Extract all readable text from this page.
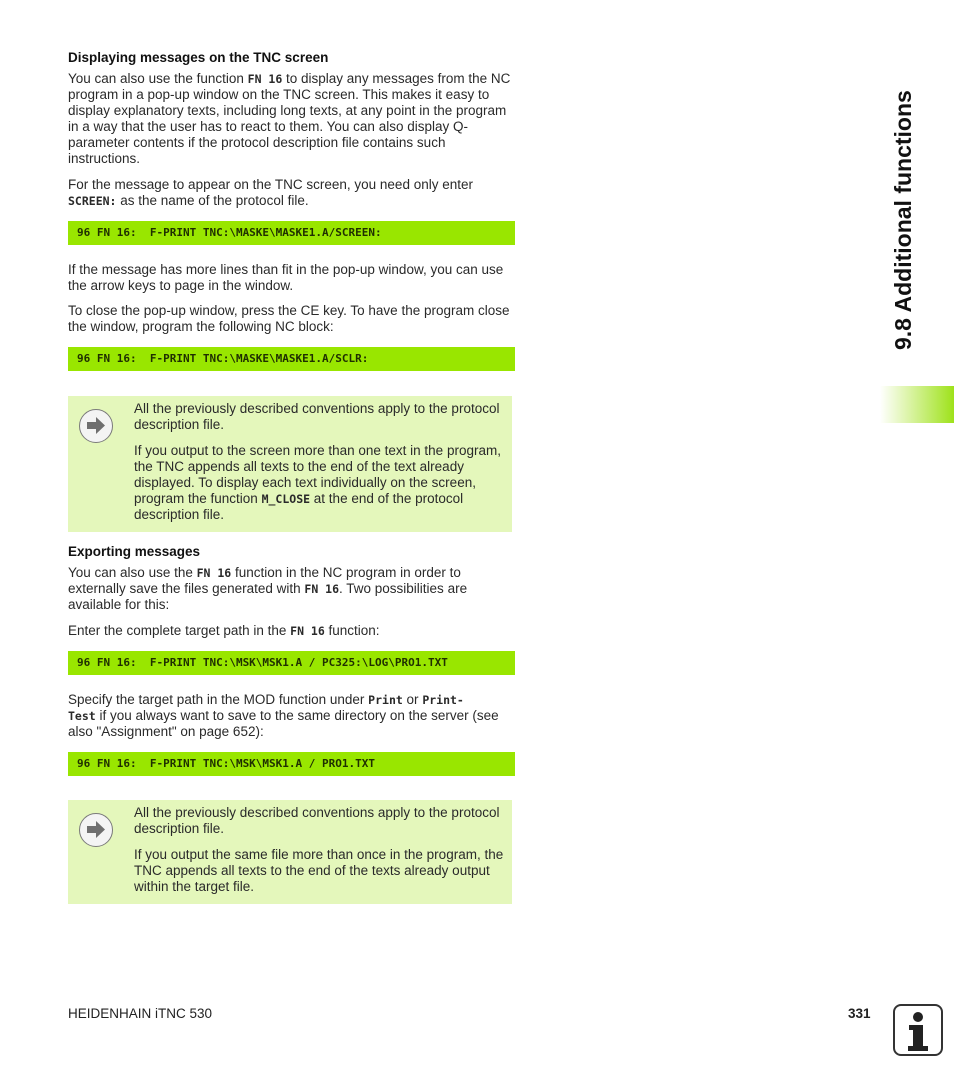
9.8 Additional functions
Displaying messages on the TNC screen
You can also use the function FN 16 to display any messages from the NC program in a pop-up window on the TNC screen. This makes it easy to display explanatory texts, including long texts, at any point in the program in a way that the user has to react to them. You can also display Q-parameter contents if the protocol description file contains such instructions.
For the message to appear on the TNC screen, you need only enter SCREEN: as the name of the protocol file.
96 FN 16:  F-PRINT TNC:\MASKE\MASKE1.A/SCREEN:
If the message has more lines than fit in the pop-up window, you can use the arrow keys to page in the window.
To close the pop-up window, press the CE key. To have the program close the window, program the following NC block:
96 FN 16:  F-PRINT TNC:\MASKE\MASKE1.A/SCLR:

All the previously described conventions apply to the protocol description file.

If you output to the screen more than one text in the program, the TNC appends all texts to the end of the text already displayed. To display each text individually on the screen, program the function M_CLOSE at the end of the protocol description file.

Exporting messages
You can also use the FN 16 function in the NC program in order to externally save the files generated with FN 16. Two possibilities are available for this:
Enter the complete target path in the FN 16 function:
96 FN 16:  F-PRINT TNC:\MSK\MSK1.A / PC325:\LOG\PRO1.TXT
Specify the target path in the MOD function under Print or Print-
Test if you always want to save to the same directory on the server (see also "Assignment" on page 652):
96 FN 16:  F-PRINT TNC:\MSK\MSK1.A / PRO1.TXT

All the previously described conventions apply to the protocol description file.

If you output the same file more than once in the program, the TNC appends all texts to the end of the texts already output within the target file.

HEIDENHAIN iTNC 530	331
